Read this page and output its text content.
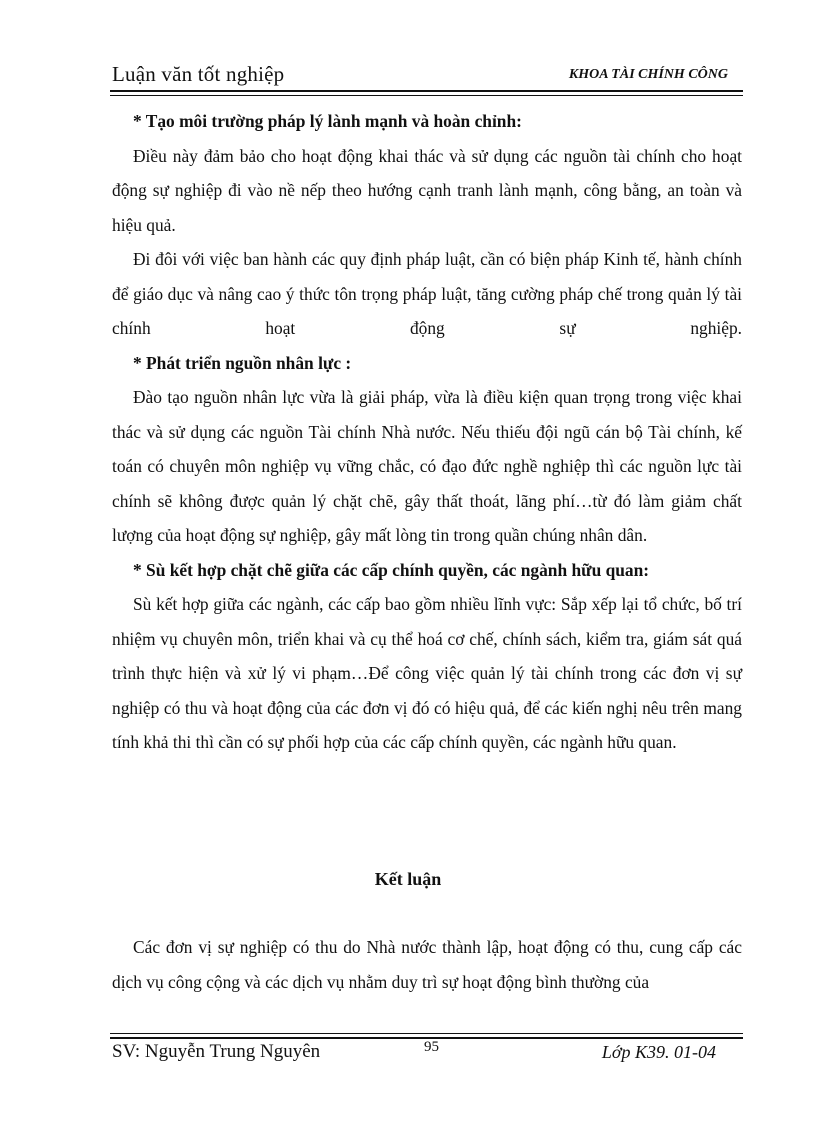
Luận văn tốt nghiệp	KHOA TÀI CHÍNH CÔNG

* Tạo môi trường pháp lý lành mạnh và hoàn chỉnh:

Điều này đảm bảo cho hoạt động khai thác và sử dụng các nguồn tài chính cho hoạt động sự nghiệp đi vào nề nếp theo hướng cạnh tranh lành mạnh, công bằng, an toàn và hiệu quả.

Đi đôi với việc ban hành các quy định pháp luật, cần có biện pháp Kinh tế, hành chính để giáo dục và nâng cao ý thức tôn trọng pháp luật, tăng cường pháp chế trong quản lý tài chính hoạt động sự nghiệp.

* Phát triển nguồn nhân lực :

Đào tạo nguồn nhân lực vừa là giải pháp, vừa là điều kiện quan trọng trong việc khai thác và sử dụng các nguồn Tài chính Nhà nước. Nếu thiếu đội ngũ cán bộ Tài chính, kế toán có chuyên môn nghiệp vụ vững chắc, có đạo đức nghề nghiệp thì các nguồn lực tài chính sẽ không được quản lý chặt chẽ, gây thất thoát, lãng phí…từ đó làm giảm chất lượng của hoạt động sự nghiệp, gây mất lòng tin trong quần chúng nhân dân.

* Sù kết hợp chặt chẽ giữa các cấp chính quyền, các ngành hữu quan:

Sù kết hợp giữa các ngành, các cấp bao gồm nhiều lĩnh vực: Sắp xếp lại tổ chức, bố trí nhiệm vụ chuyên môn, triển khai và cụ thể hoá cơ chế, chính sách, kiểm tra, giám sát quá trình thực hiện và xử lý vi phạm…Để công việc quản lý tài chính trong các đơn vị sự nghiệp có thu và hoạt động của các đơn vị đó có hiệu quả, để các kiến nghị nêu trên mang tính khả thi thì cần có sự phối hợp của các cấp chính quyền, các ngành hữu quan.

Kết luận

Các đơn vị sự nghiệp có thu do Nhà nước thành lập, hoạt động có thu, cung cấp các dịch vụ công cộng và các dịch vụ nhằm duy trì sự hoạt động bình thường của

SV: Nguyễn Trung Nguyên	95	Lớp K39. 01-04
